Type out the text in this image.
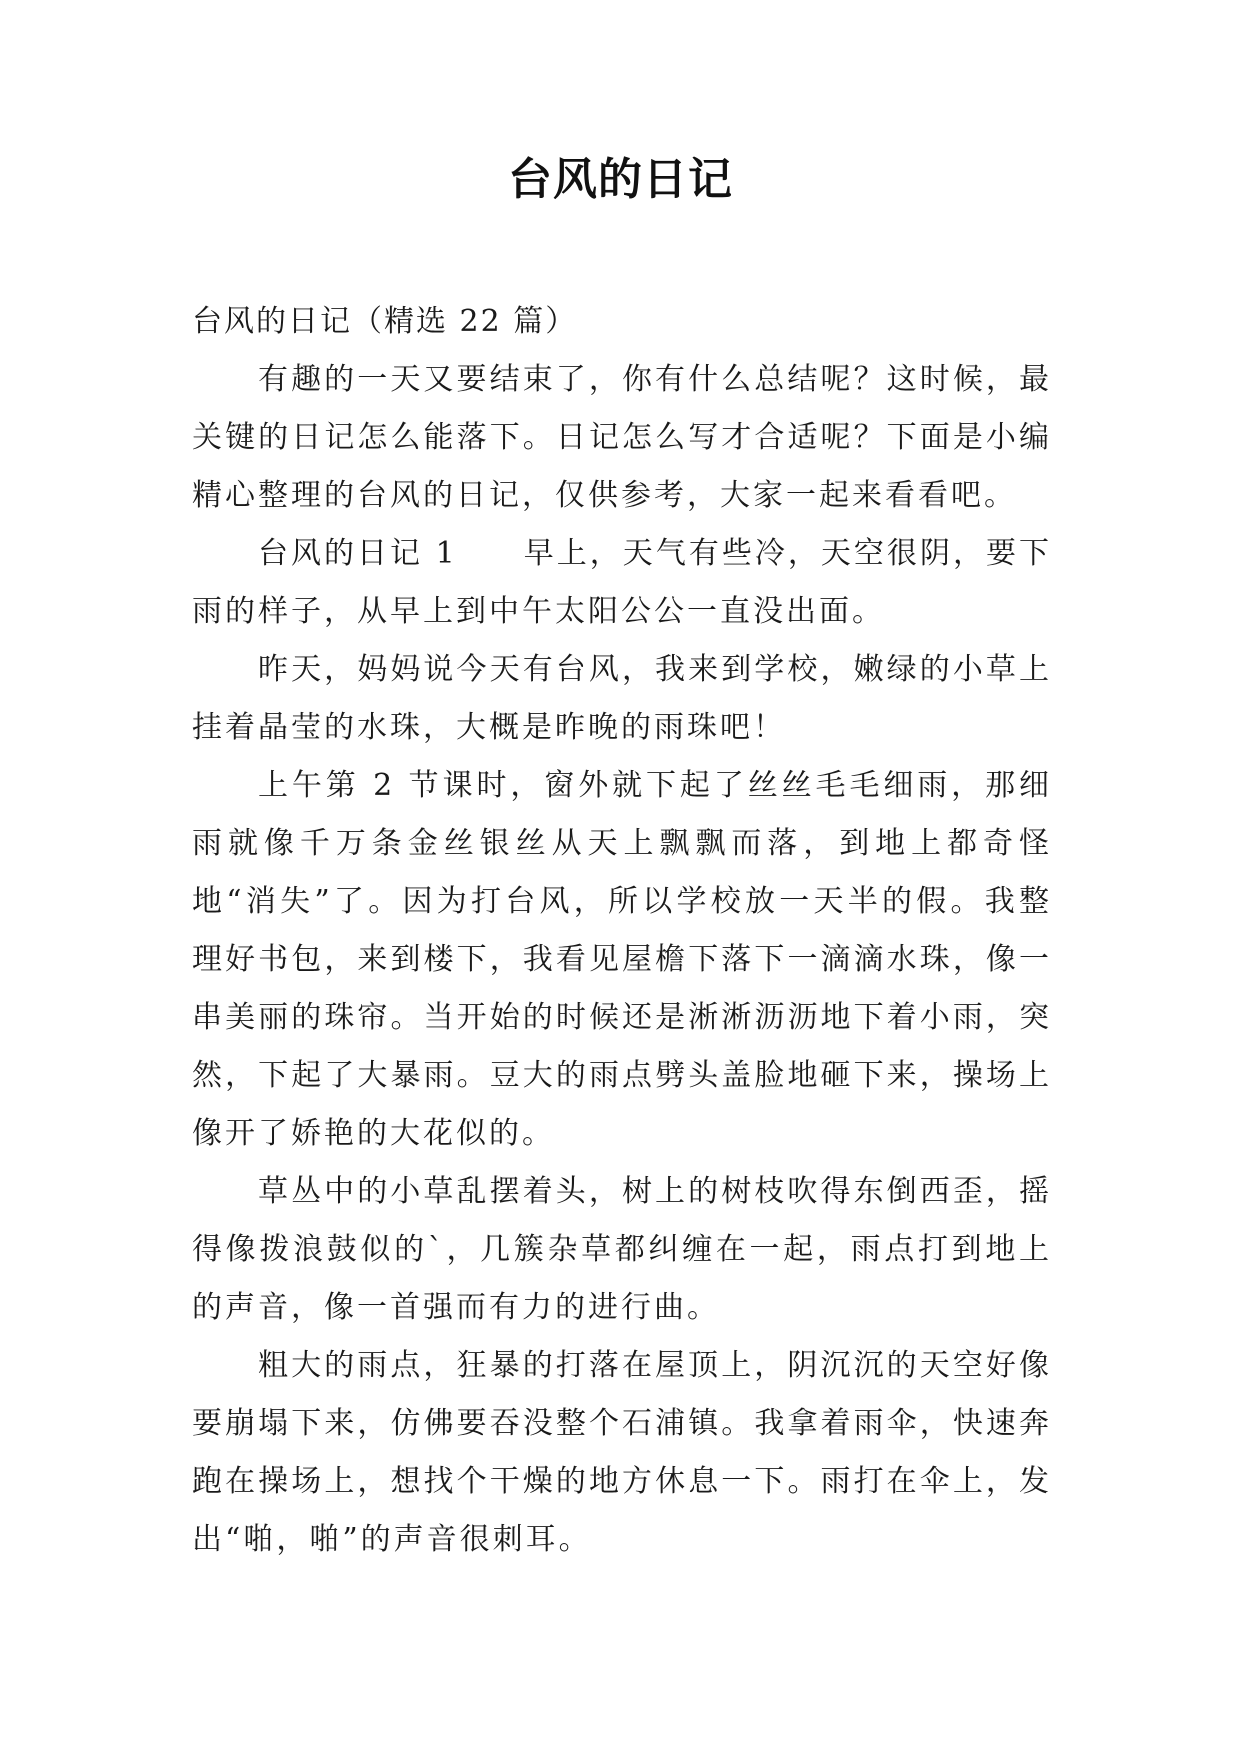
台风的日记

台风的日记（精选 22 篇）

有趣的一天又要结束了，你有什么总结呢？这时候，最关键的日记怎么能落下。日记怎么写才合适呢？下面是小编精心整理的台风的日记，仅供参考，大家一起来看看吧。

台风的日记 1　　早上，天气有些冷，天空很阴，要下雨的样子，从早上到中午太阳公公一直没出面。

昨天，妈妈说今天有台风，我来到学校，嫩绿的小草上挂着晶莹的水珠，大概是昨晚的雨珠吧！

上午第 2 节课时，窗外就下起了丝丝毛毛细雨，那细雨就像千万条金丝银丝从天上飘飘而落，到地上都奇怪地“消失”了。因为打台风，所以学校放一天半的假。我整理好书包，来到楼下，我看见屋檐下落下一滴滴水珠，像一串美丽的珠帘。当开始的时候还是淅淅沥沥地下着小雨，突然，下起了大暴雨。豆大的雨点劈头盖脸地砸下来，操场上像开了娇艳的大花似的。

草丛中的小草乱摆着头，树上的树枝吹得东倒西歪，摇得像拨浪鼓似的`，几簇杂草都纠缠在一起，雨点打到地上的声音，像一首强而有力的进行曲。

粗大的雨点，狂暴的打落在屋顶上，阴沉沉的天空好像要崩塌下来，仿佛要吞没整个石浦镇。我拿着雨伞，快速奔跑在操场上，想找个干燥的地方休息一下。雨打在伞上，发出“啪，啪”的声音很刺耳。
